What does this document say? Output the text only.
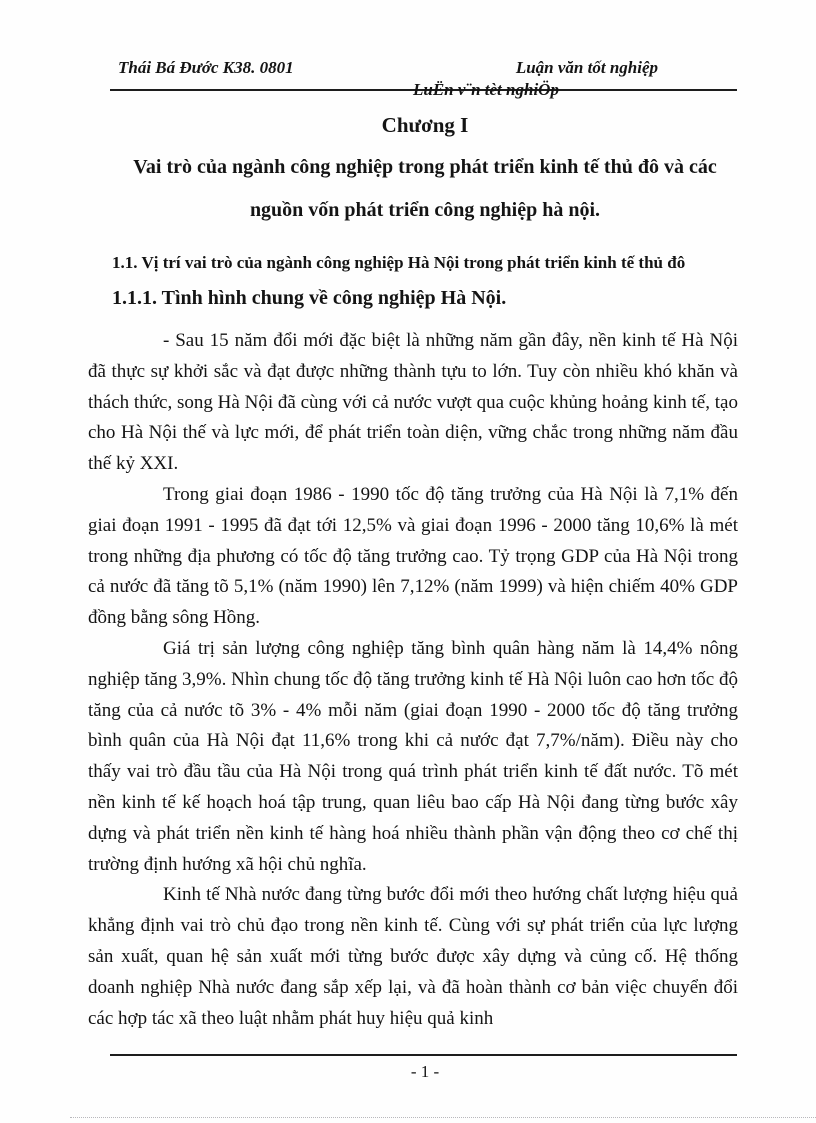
Thái Bá Đước K38. 0801	Luận văn tốt nghiệp
LuËn v¨n tèt nghiÖp
Chương I
Vai trò của ngành công nghiệp trong phát triển kinh tế thủ đô và các nguồn vốn phát triển công nghiệp hà nội.
1.1. Vị trí vai trò của ngành công nghiệp Hà Nội trong phát triển kinh tế thủ đô
1.1.1. Tình hình chung về công nghiệp Hà Nội.

- Sau 15 năm đổi mới đặc biệt là những năm gần đây, nền kinh tế Hà Nội đã thực sự khởi sắc và đạt được những thành tựu to lớn. Tuy còn nhiều khó khăn và thách thức, song Hà Nội đã cùng với cả nước vượt qua cuộc khủng hoảng kinh tế, tạo cho Hà Nội thế và lực mới, để phát triển toàn diện, vững chắc trong những năm đầu thế kỷ XXI.

Trong giai đoạn 1986 - 1990 tốc độ tăng trưởng của Hà Nội là 7,1% đến giai đoạn 1991 - 1995 đã đạt tới 12,5% và giai đoạn 1996 - 2000 tăng 10,6% là mét trong những địa phương có tốc độ tăng trưởng cao. Tỷ trọng GDP của Hà Nội trong cả nước đã tăng tõ 5,1% (năm 1990) lên 7,12% (năm 1999) và hiện chiếm 40% GDP đồng bằng sông Hồng.

Giá trị sản lượng công nghiệp tăng bình quân hàng năm là 14,4% nông nghiệp tăng 3,9%. Nhìn chung tốc độ tăng trưởng kinh tế Hà Nội luôn cao hơn tốc độ tăng của cả nước tõ 3% - 4% mỗi năm (giai đoạn 1990 - 2000 tốc độ tăng trưởng bình quân của Hà Nội đạt 11,6% trong khi cả nước đạt 7,7%/năm). Điều này cho thấy vai trò đầu tầu của Hà Nội trong quá trình phát triển kinh tế đất nước. Tõ mét nền kinh tế kế hoạch hoá tập trung, quan liêu bao cấp Hà Nội đang từng bước xây dựng và phát triển nền kinh tế hàng hoá nhiều thành phần vận động theo cơ chế thị trường định hướng xã hội chủ nghĩa.

Kinh tế Nhà nước đang từng bước đổi mới theo hướng chất lượng hiệu quả khẳng định vai trò chủ đạo trong nền kinh tế. Cùng với sự phát triển của lực lượng sản xuất, quan hệ sản xuất mới từng bước được xây dựng và củng cố. Hệ thống doanh nghiệp Nhà nước đang sắp xếp lại, và đã hoàn thành cơ bản việc chuyển đổi các hợp tác xã theo luật nhằm phát huy hiệu quả kinh

- 1 -
